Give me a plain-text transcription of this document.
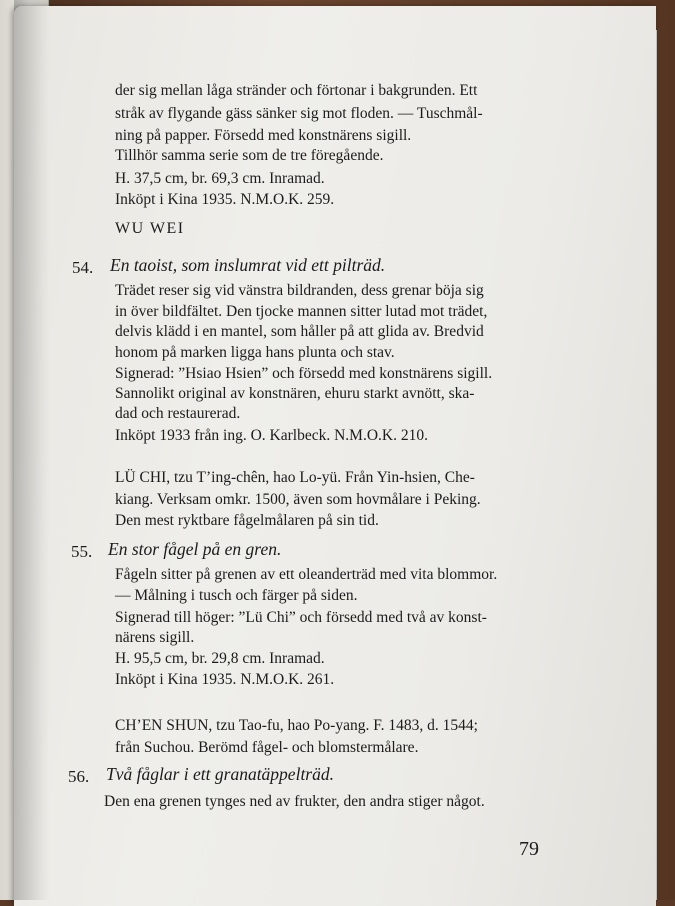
der sig mellan låga stränder och förtonar i bakgrunden. Ett
stråk av flygande gäss sänker sig mot floden. — Tuschmål-
ning på papper. Försedd med konstnärens sigill.
Tillhör samma serie som de tre föregående.
H. 37,5 cm, br. 69,3 cm. Inramad.
Inköpt i Kina 1935. N.M.O.K. 259.
WU WEI
54. En taoist, som inslumrat vid ett pilträd.
Trädet reser sig vid vänstra bildranden, dess grenar böja sig
in över bildfältet. Den tjocke mannen sitter lutad mot trädet,
delvis klädd i en mantel, som håller på att glida av. Bredvid
honom på marken ligga hans plunta och stav.
Signerad: ”Hsiao Hsien” och försedd med konstnärens sigill.
Sannolikt original av konstnären, ehuru starkt avnött, ska-
dad och restaurerad.
Inköpt 1933 från ing. O. Karlbeck. N.M.O.K. 210.
LÜ CHI, tzu T’ing-chên, hao Lo-yü. Från Yin-hsien, Che-
kiang. Verksam omkr. 1500, även som hovmålare i Peking.
Den mest ryktbare fågelmålaren på sin tid.
55. En stor fågel på en gren.
Fågeln sitter på grenen av ett oleanderträd med vita blommor.
— Målning i tusch och färger på siden.
Signerad till höger: ”Lü Chi” och försedd med två av konst-
närens sigill.
H. 95,5 cm, br. 29,8 cm. Inramad.
Inköpt i Kina 1935. N.M.O.K. 261.
CH’EN SHUN, tzu Tao-fu, hao Po-yang. F. 1483, d. 1544;
från Suchou. Berömd fågel- och blomstermålare.
56. Två fåglar i ett granatäppelträd.
Den ena grenen tynges ned av frukter, den andra stiger något.
79
